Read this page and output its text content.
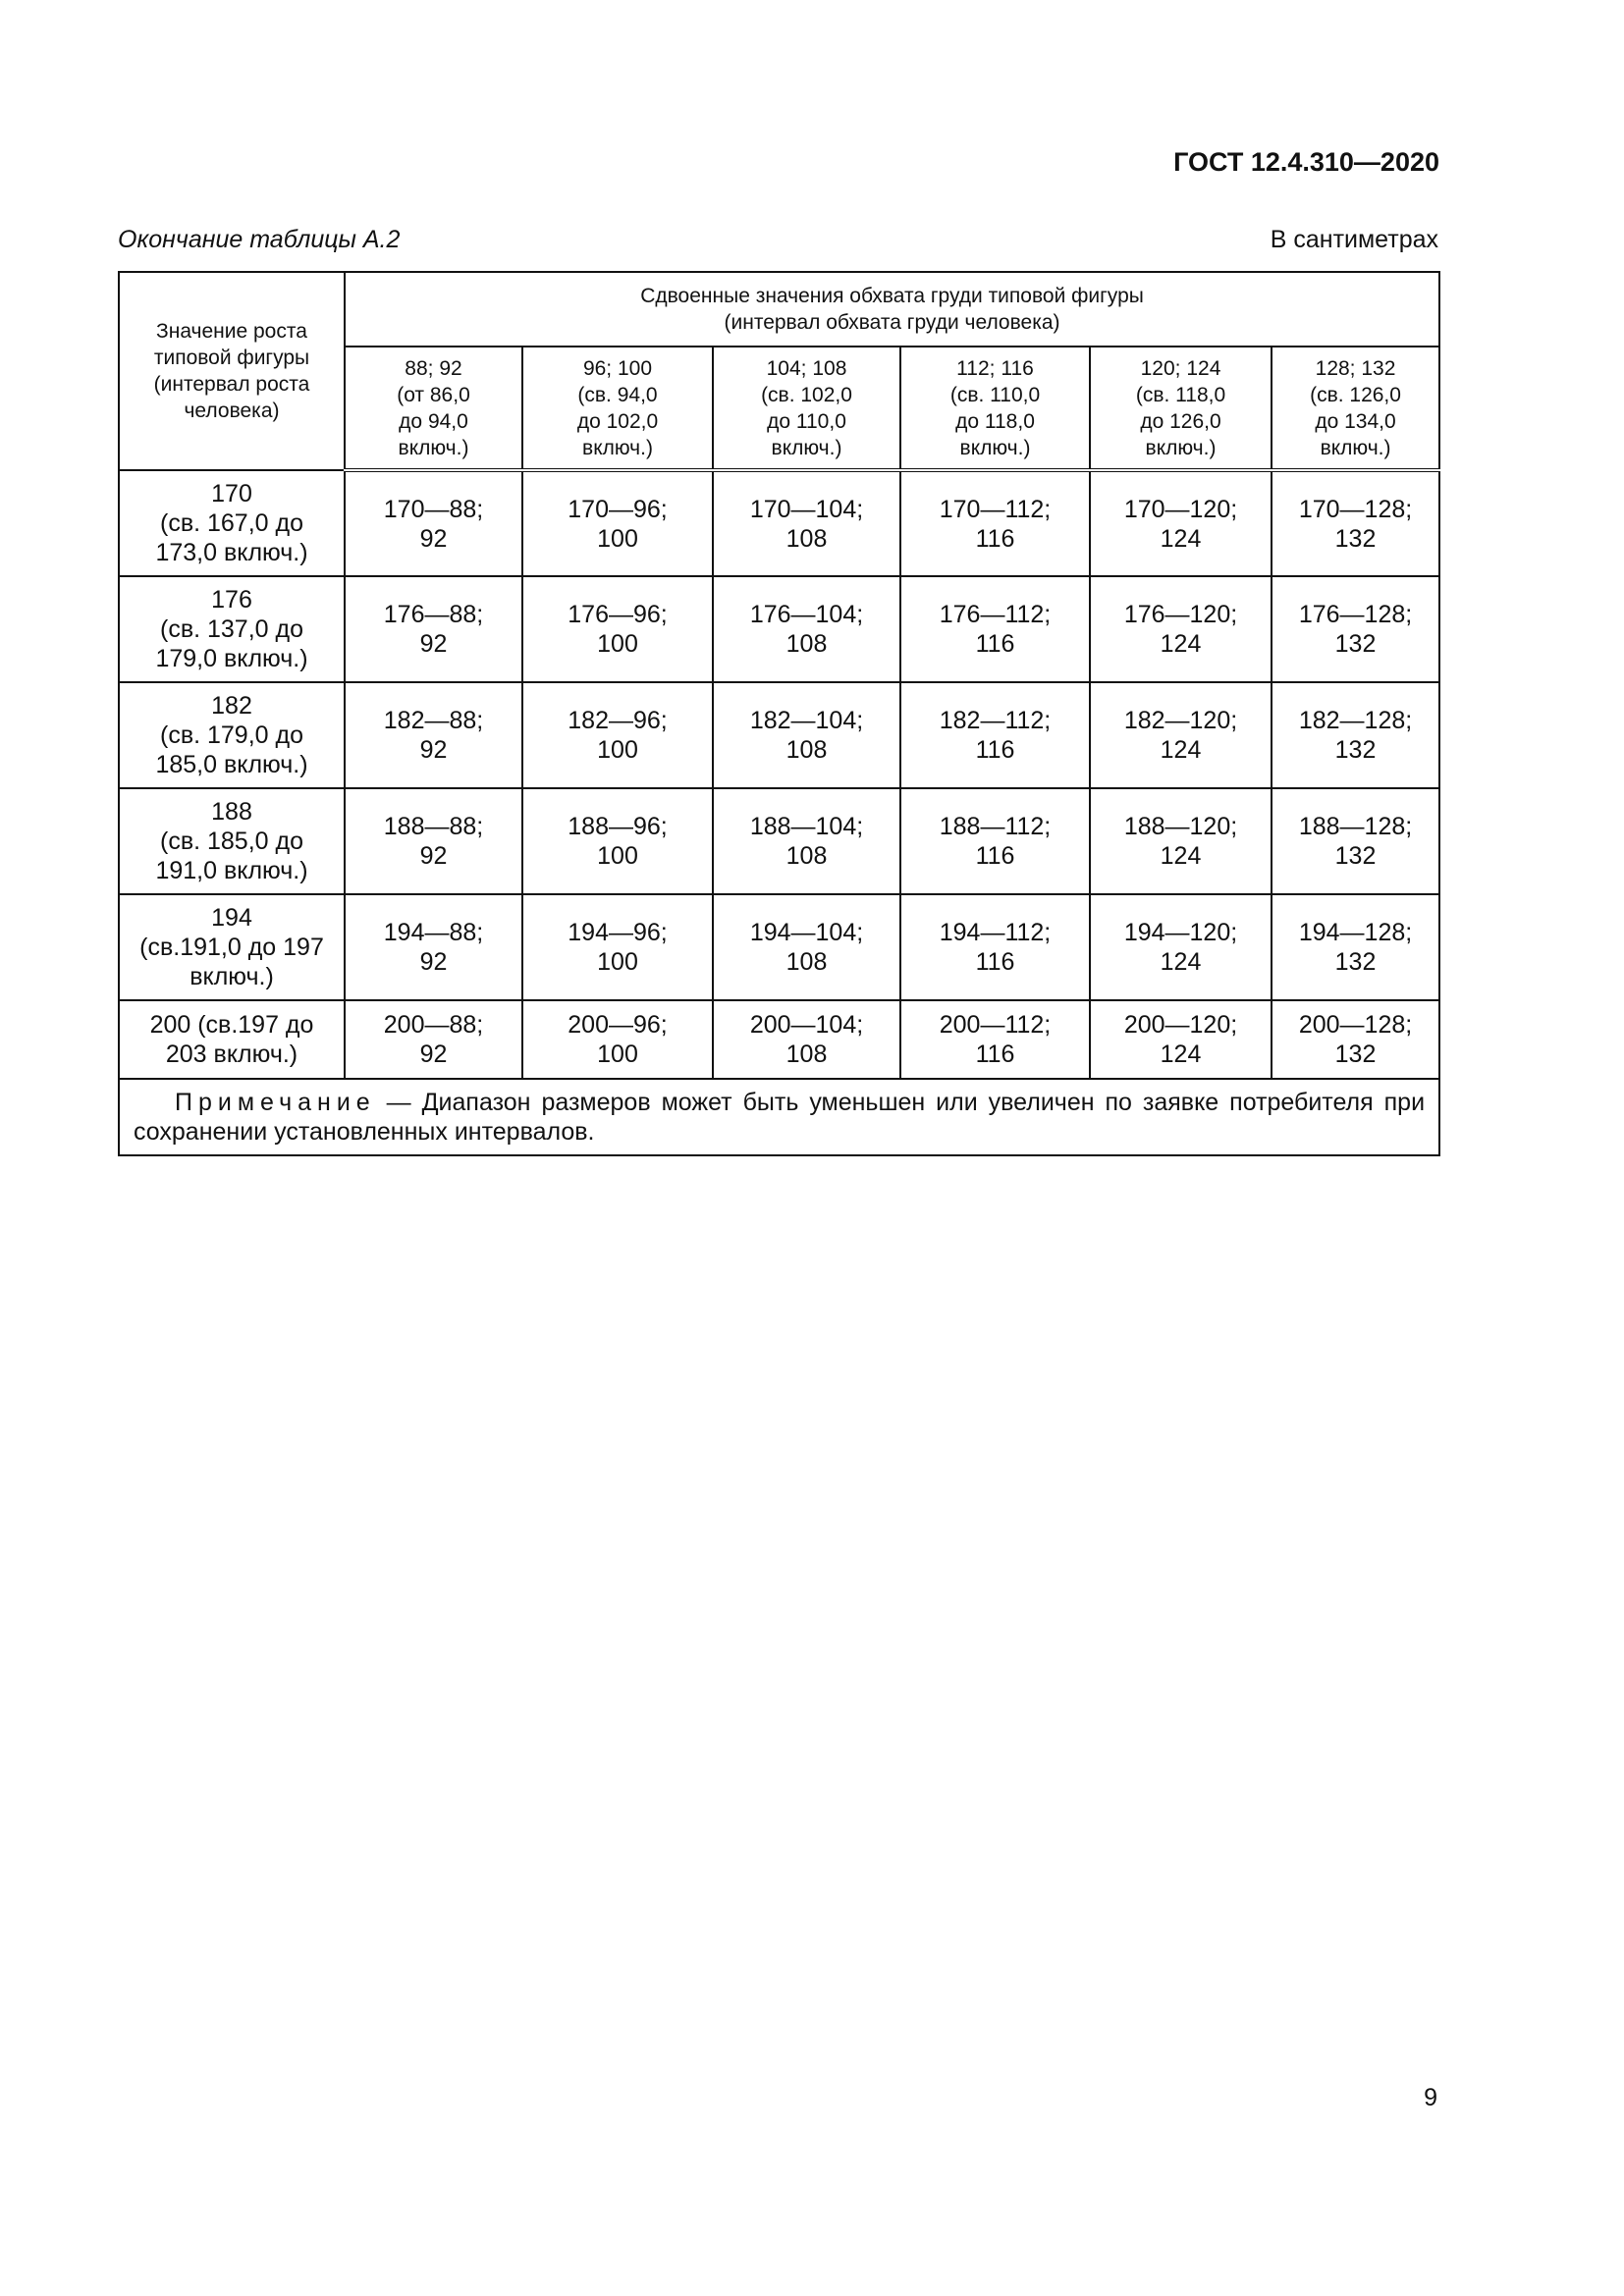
ГОСТ 12.4.310—2020
Окончание таблицы А.2	В сантиметрах
Значение роста
типовой фигуры
(интервал роста
человека)	Сдвоенные значения обхвата груди типовой фигуры
(интервал обхвата груди человека)					
	88; 92
(от 86,0
до 94,0
включ.)	96; 100
(св. 94,0
до 102,0
включ.)	104; 108
(св. 102,0
до 110,0
включ.)	112; 116
(св. 110,0
до 118,0
включ.)	120; 124
(св. 118,0
до 126,0
включ.)	128; 132
(св. 126,0
до 134,0
включ.)
170
(св. 167,0 до
173,0 включ.)	170—88;
92	170—96;
100	170—104;
108	170—112;
116	170—120;
124	170—128;
132
176
(св. 137,0 до
179,0 включ.)	176—88;
92	176—96;
100	176—104;
108	176—112;
116	176—120;
124	176—128;
132
182
(св. 179,0 до
185,0 включ.)	182—88;
92	182—96;
100	182—104;
108	182—112;
116	182—120;
124	182—128;
132
188
(св. 185,0 до
191,0 включ.)	188—88;
92	188—96;
100	188—104;
108	188—112;
116	188—120;
124	188—128;
132
194
(св.191,0 до 197
включ.)	194—88;
92	194—96;
100	194—104;
108	194—112;
116	194—120;
124	194—128;
132
200 (св.197 до
203 включ.)	200—88;
92	200—96;
100	200—104;
108	200—112;
116	200—120;
124	200—128;
132
Примечание — Диапазон размеров может быть уменьшен или увеличен по заявке потребителя при сохранении установленных интервалов.						
9
